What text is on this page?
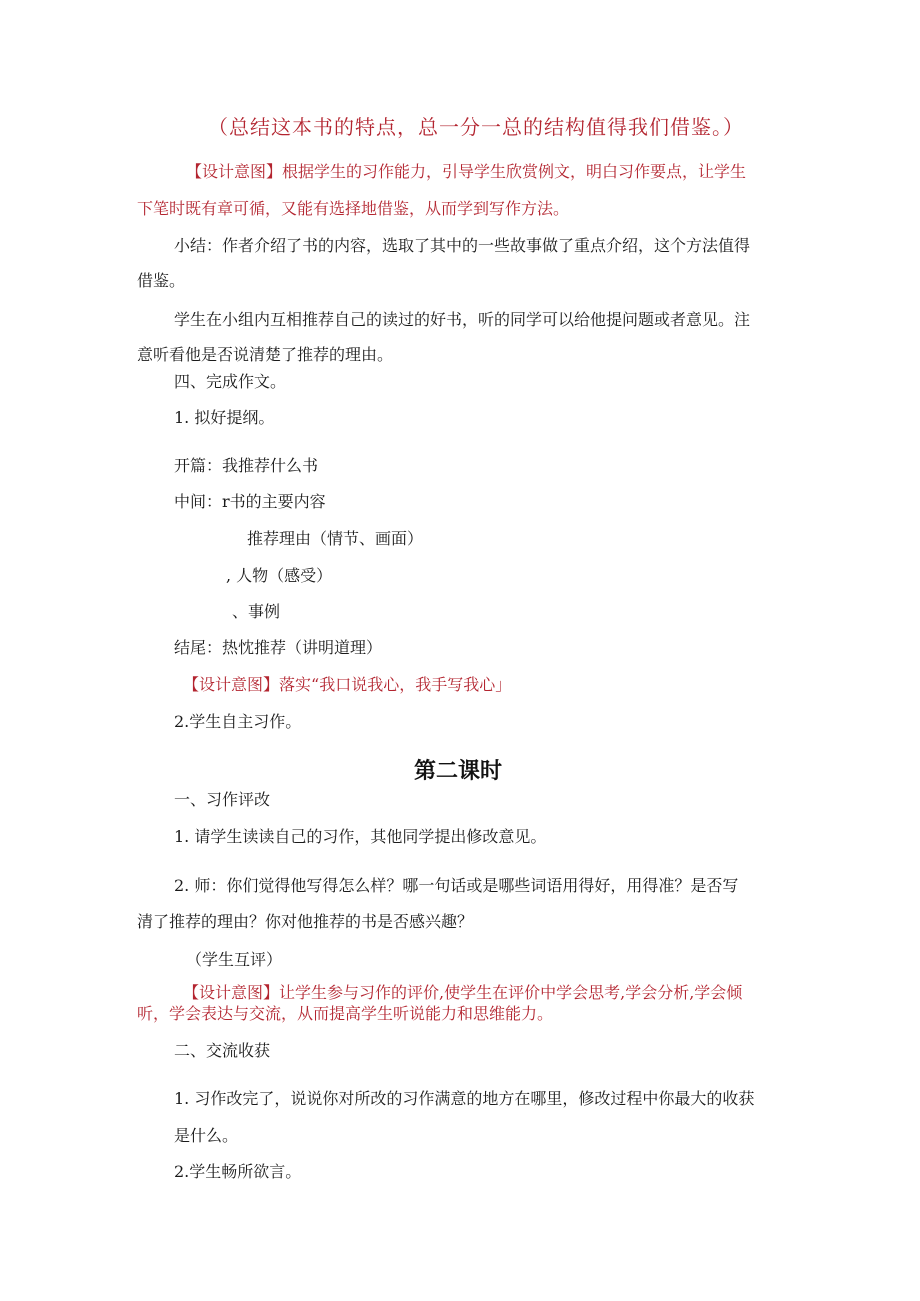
（总结这本书的特点，总一分一总的结构值得我们借鉴。）
【设计意图】根据学生的习作能力，引导学生欣赏例文，明白习作要点，让学生
下笔时既有章可循，又能有选择地借鉴，从而学到写作方法。
小结：作者介绍了书的内容，选取了其中的一些故事做了重点介绍，这个方法值得
借鉴。
学生在小组内互相推荐自己的读过的好书，听的同学可以给他提问题或者意见。注
意听看他是否说清楚了推荐的理由。
四、完成作文。
1. 拟好提纲。
开篇：我推荐什么书
中间：r书的主要内容
推荐理由（情节、画面）
, 人物（感受）
、事例
结尾：热忱推荐（讲明道理）
【设计意图】落实“我口说我心，我手写我心」
2.学生自主习作。
第二课时
一、习作评改
1. 请学生读读自己的习作，其他同学提出修改意见。
2. 师：你们觉得他写得怎么样？哪一句话或是哪些词语用得好，用得准？是否写
清了推荐的理由？你对他推荐的书是否感兴趣？
（学生互评）
【设计意图】让学生参与习作的评价,使学生在评价中学会思考,学会分析,学会倾
听，学会表达与交流，从而提高学生听说能力和思维能力。
二、交流收获
1. 习作改完了，说说你对所改的习作满意的地方在哪里，修改过程中你最大的收获
是什么。
2.学生畅所欲言。
